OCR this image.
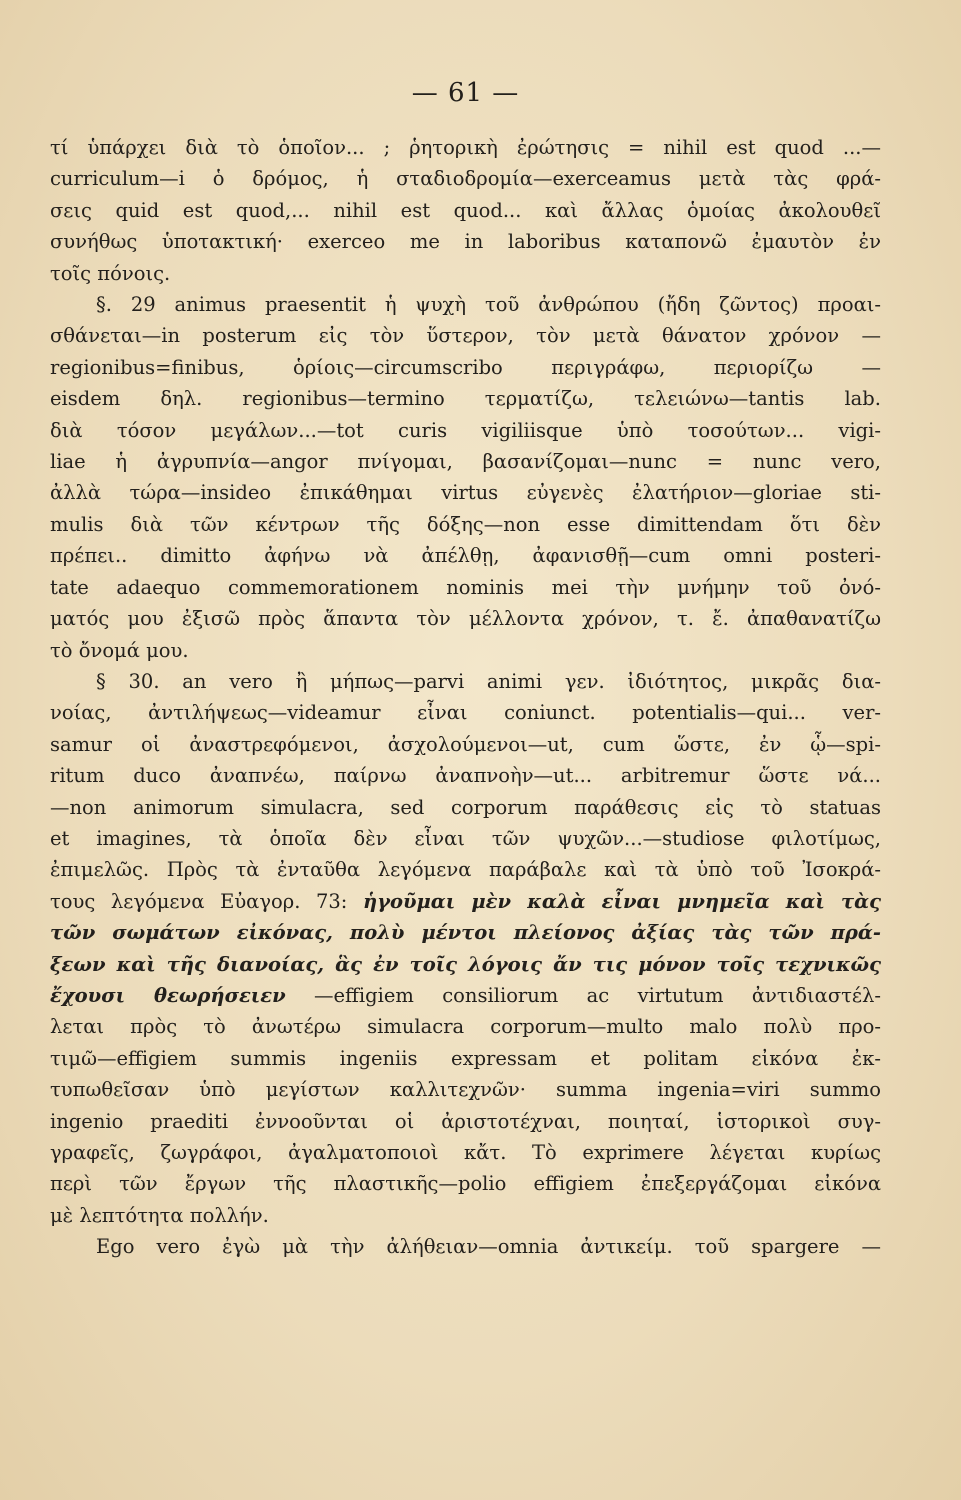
— 61 —

τί ὑπάρχει διὰ τὸ ὁποῖον... ; ῥητορικὴ ἐρώτησις = nihil est quod ...—
curriculum—i ὁ δρόμος, ἡ σταδιοδρομία—exerceamus μετὰ τὰς φρά-
σεις quid est quod,... nihil est quod... καὶ ἄλλας ὁμοίας ἀκολουθεῖ
συνήθως ὑποτακτική· exerceo me in laboribus καταπονῶ ἐμαυτὸν ἐν
τοῖς πόνοις.

§. 29 animus praesentit ἡ ψυχὴ τοῦ ἀνθρώπου (ἤδη ζῶντος) προαι-
σθάνεται—in posterum εἰς τὸν ὕστερον, τὸν μετὰ θάνατον χρόνον —
regionibus=finibus, ὁρίοις—circumscribo περιγράφω, περιορίζω —
eisdem δηλ. regionibus—termino τερματίζω, τελειώνω—tantis lab.
διὰ τόσον μεγάλων...—tot curis vigiliisque ὑπὸ τοσούτων... vigi-
liae ἡ ἀγρυπνία—angor πνίγομαι, βασανίζομαι—nunc = nunc vero,
ἀλλὰ τώρα—insideo ἐπικάθημαι virtus εὐγενὲς ἐλατήριον—gloriae sti-
mulis διὰ τῶν κέντρων τῆς δόξης—non esse dimittendam ὅτι δὲν
πρέπει.. dimitto ἀφήνω νὰ ἀπέλθῃ, ἀφανισθῇ—cum omni posteri-
tate adaequo commemorationem nominis mei τὴν μνήμην τοῦ ὀνό-
ματός μου ἐξισῶ πρὸς ἅπαντα τὸν μέλλοντα χρόνον, τ. ἔ. ἀπαθανατίζω
τὸ ὄνομά μου.

§ 30. an vero ἢ μήπως—parvi animi γεν. ἰδιότητος, μικρᾶς δια-
νοίας, ἀντιλήψεως—videamur εἶναι coniunct. potentialis—qui... ver-
samur οἱ ἀναστρεφόμενοι, ἀσχολούμενοι—ut, cum ὥστε, ἐν ᾧ—spi-
ritum duco ἀναπνέω, παίρνω ἀναπνοὴν—ut... arbitremur ὥστε νά...
—non animorum simulacra, sed corporum παράθεσις εἰς τὸ statuas
et imagines, τὰ ὁποῖα δὲν εἶναι τῶν ψυχῶν...—studiose φιλοτίμως,
ἐπιμελῶς. Πρὸς τὰ ἐνταῦθα λεγόμενα παράβαλε καὶ τὰ ὑπὸ τοῦ Ἰσοκρά-
τους λεγόμενα Εὐαγορ. 73: ἡγοῦμαι μὲν καλὰ εἶναι μνημεῖα καὶ τὰς
τῶν σωμάτων εἰκόνας, πολὺ μέντοι πλείονος ἀξίας τὰς τῶν πρά-
ξεων καὶ τῆς διανοίας, ἃς ἐν τοῖς λόγοις ἄν τις μόνον τοῖς τεχνικῶς
ἔχουσι θεωρήσειεν —effigiem consiliorum ac virtutum ἀντιδιαστέλ-
λεται πρὸς τὸ ἀνωτέρω simulacra corporum—multo malo πολὺ προ-
τιμῶ—effigiem summis ingeniis expressam et politam εἰκόνα ἐκ-
τυπωθεῖσαν ὑπὸ μεγίστων καλλιτεχνῶν· summa ingenia=viri summo
ingenio praediti ἐννοοῦνται οἱ ἀριστοτέχναι, ποιηταί, ἱστορικοὶ συγ-
γραφεῖς, ζωγράφοι, ἀγαλματοποιοὶ κἄτ. Τὸ exprimere λέγεται κυρίως
περὶ τῶν ἔργων τῆς πλαστικῆς—polio effigiem ἐπεξεργάζομαι εἰκόνα
μὲ λεπτότητα πολλήν.

Ego vero ἐγὼ μὰ τὴν ἀλήθειαν—omnia ἀντικείμ. τοῦ spargere —
